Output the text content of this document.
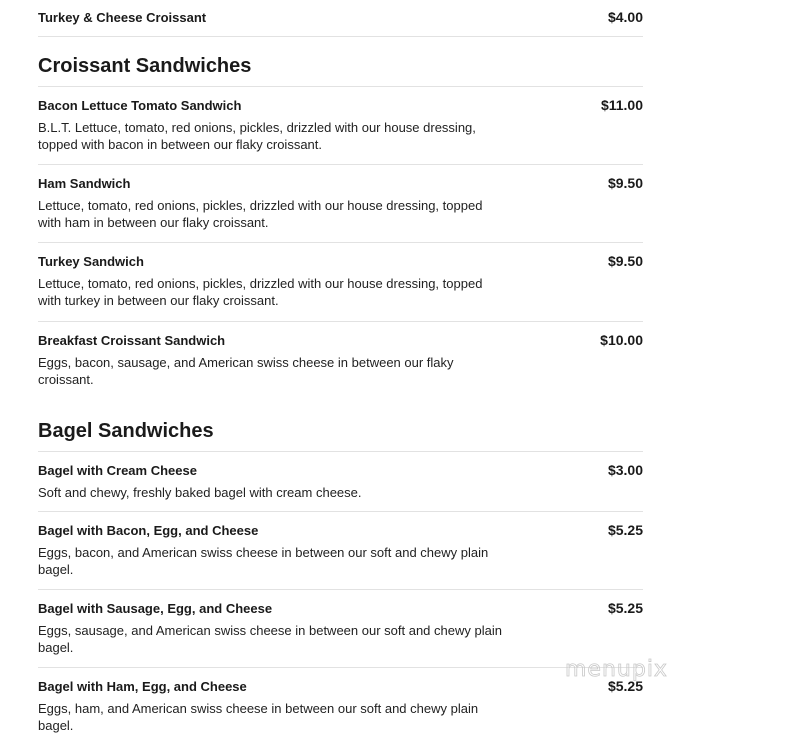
Turkey & Cheese Croissant	$4.00
Croissant Sandwiches
Bacon Lettuce Tomato Sandwich	$11.00
B.L.T. Lettuce, tomato, red onions, pickles, drizzled with our house dressing, topped with bacon in between our flaky croissant.
Ham Sandwich	$9.50
Lettuce, tomato, red onions, pickles, drizzled with our house dressing, topped with ham in between our flaky croissant.
Turkey Sandwich	$9.50
Lettuce, tomato, red onions, pickles, drizzled with our house dressing, topped with turkey in between our flaky croissant.
Breakfast Croissant Sandwich	$10.00
Eggs, bacon, sausage, and American swiss cheese in between our flaky croissant.
Bagel Sandwiches
Bagel with Cream Cheese	$3.00
Soft and chewy, freshly baked bagel with cream cheese.
Bagel with Bacon, Egg, and Cheese	$5.25
Eggs, bacon, and American swiss cheese in between our soft and chewy plain bagel.
Bagel with Sausage, Egg, and Cheese	$5.25
Eggs, sausage, and American swiss cheese in between our soft and chewy plain bagel.
Bagel with Ham, Egg, and Cheese	$5.25
Eggs, ham, and American swiss cheese in between our soft and chewy plain bagel.
menupix
